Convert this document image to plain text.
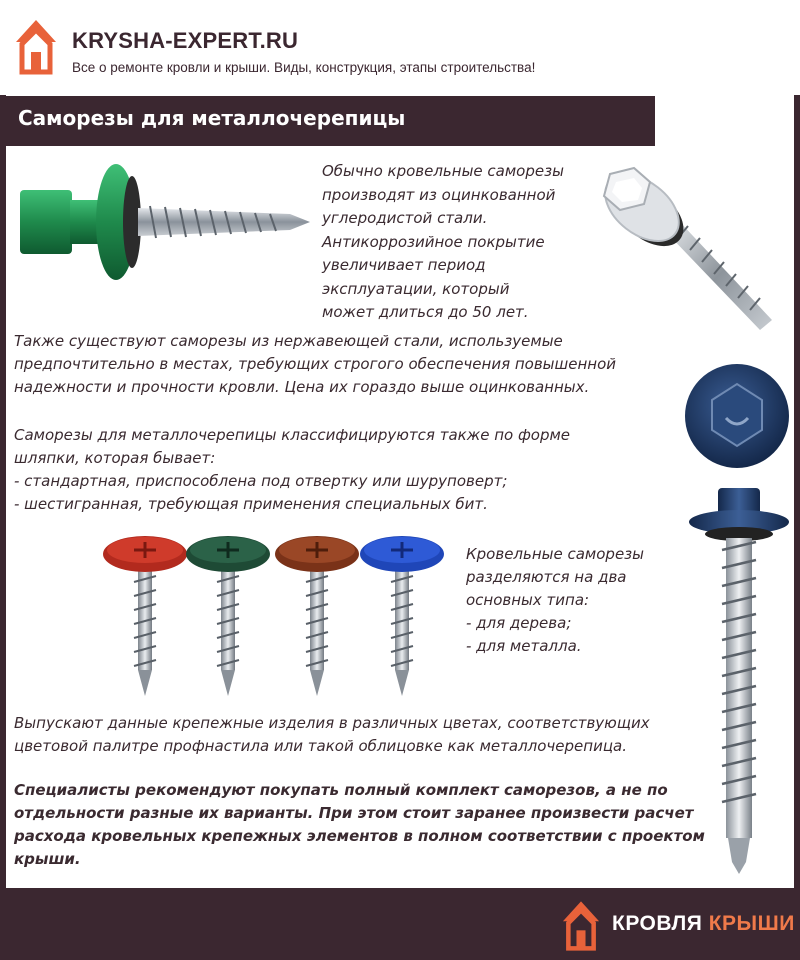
KRYSHA-EXPERT.RU
Все о ремонте кровли и крыши. Виды, конструкция, этапы строительства!
Саморезы для металлочерепицы
Обычно кровельные саморезы
производят из оцинкованной
углеродистой стали.
Антикоррозийное покрытие
увеличивает период
эксплуатации, который
может длиться до 50 лет.
Также существуют саморезы из нержавеющей стали, используемые
предпочтительно в местах, требующих строгого обеспечения повышенной
надежности и прочности кровли. Цена их гораздо выше оцинкованных.
Саморезы для металлочерепицы классифицируются также по форме
шляпки, которая бывает:
- стандартная, приспособлена под отвертку или шуруповерт;
- шестигранная, требующая применения специальных бит.
Кровельные саморезы
разделяются на два
основных типа:
- для дерева;
- для металла.
Выпускают данные крепежные изделия в различных цветах, соответствующих
цветовой палитре профнастила или такой облицовке как металлочерепица.
Специалисты рекомендуют покупать полный комплект саморезов, а не по
отдельности разные их варианты. При этом стоит заранее произвести расчет
расхода кровельных крепежных элементов в полном соответствии с проектом
крыши.
КРОВЛЯ КРЫШИ
